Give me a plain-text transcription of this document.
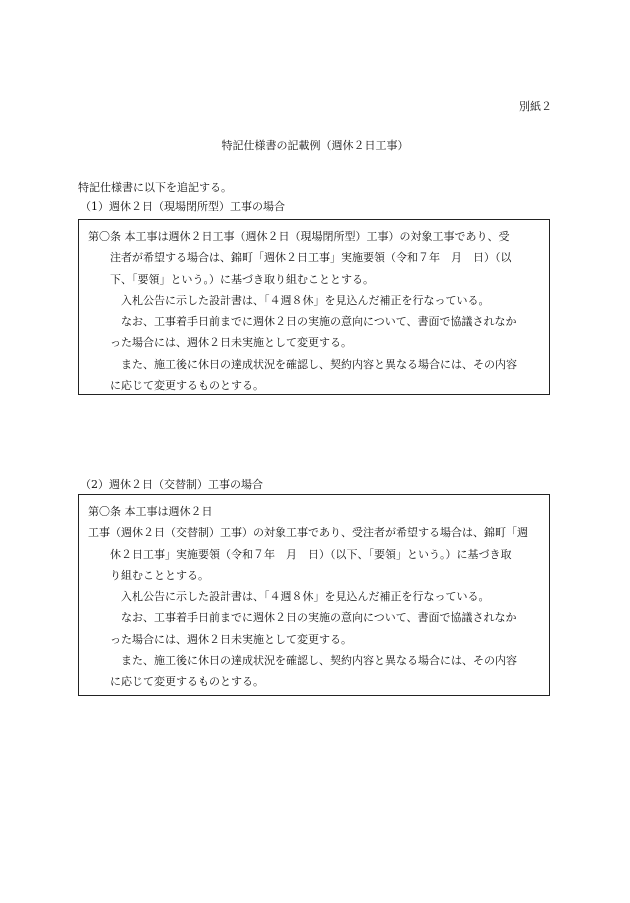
別紙２
特記仕様書の記載例（週休２日工事）
特記仕様書に以下を追記する。
（1）週休２日（現場閉所型）工事の場合
第〇条 本工事は週休２日工事（週休２日（現場閉所型）工事）の対象工事であり、受
注者が希望する場合は、錦町「週休２日工事」実施要領（令和７年　月　日）（以
下、「要領」という。）に基づき取り組むこととする。
入札公告に示した設計書は、「４週８休」を見込んだ補正を行なっている。
なお、工事着手日前までに週休２日の実施の意向について、書面で協議されなか
った場合には、週休２日未実施として変更する。
また、施工後に休日の達成状況を確認し、契約内容と異なる場合には、その内容
に応じて変更するものとする。
（2）週休２日（交替制）工事の場合
第〇条 本工事は週休２日
工事（週休２日（交替制）工事）の対象工事であり、受注者が希望する場合は、錦町「週
休２日工事」実施要領（令和７年　月　日）（以下、「要領」という。）に基づき取
り組むこととする。
入札公告に示した設計書は、「４週８休」を見込んだ補正を行なっている。
なお、工事着手日前までに週休２日の実施の意向について、書面で協議されなか
った場合には、週休２日未実施として変更する。
また、施工後に休日の達成状況を確認し、契約内容と異なる場合には、その内容
に応じて変更するものとする。
